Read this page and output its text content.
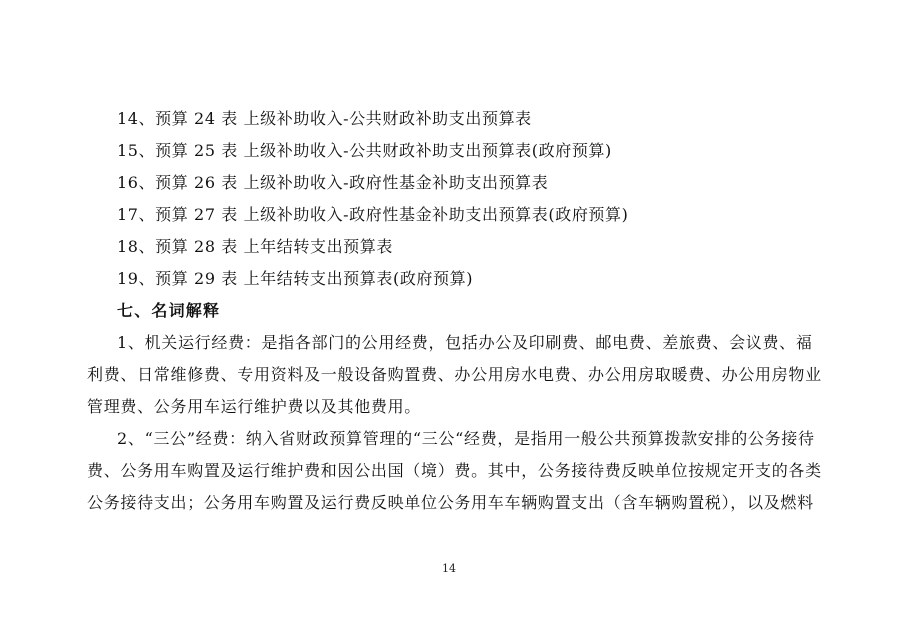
14、预算 24 表 上级补助收入-公共财政补助支出预算表
15、预算 25 表 上级补助收入-公共财政补助支出预算表(政府预算)
16、预算 26 表 上级补助收入-政府性基金补助支出预算表
17、预算 27 表 上级补助收入-政府性基金补助支出预算表(政府预算)
18、预算 28 表 上年结转支出预算表
19、预算 29 表 上年结转支出预算表(政府预算)
七、名词解释
1、机关运行经费：是指各部门的公用经费，包括办公及印刷费、邮电费、差旅费、会议费、福
利费、日常维修费、专用资料及一般设备购置费、办公用房水电费、办公用房取暖费、办公用房物业
管理费、公务用车运行维护费以及其他费用。
2、“三公”经费：纳入省财政预算管理的“三公“经费，是指用一般公共预算拨款安排的公务接待
费、公务用车购置及运行维护费和因公出国（境）费。其中，公务接待费反映单位按规定开支的各类
公务接待支出；公务用车购置及运行费反映单位公务用车车辆购置支出（含车辆购置税），以及燃料
14
